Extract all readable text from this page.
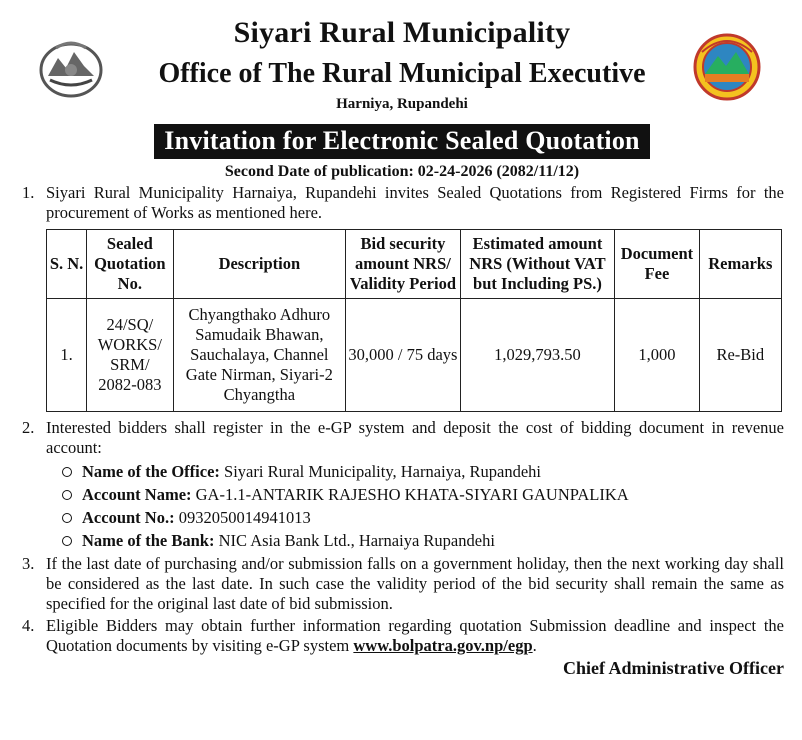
Siyari Rural Municipality
Office of The Rural Municipal Executive
Harniya, Rupandehi
Invitation for Electronic Sealed Quotation
Second Date of publication: 02-24-2026 (2082/11/12)
1. Siyari Rural Municipality Harnaiya, Rupandehi invites Sealed Quotations from Registered Firms for the procurement of Works as mentioned here.
S. N.	Sealed Quotation No.	Description	Bid security amount NRS/ Validity Period	Estimated amount NRS (Without VAT but Including PS.)	Document Fee	Remarks
1.	24/SQ/ WORKS/ SRM/ 2082-083	Chyangthako Adhuro Samudaik Bhawan, Sauchalaya, Channel Gate Nirman, Siyari-2 Chyangtha	30,000 / 75 days	1,029,793.50	1,000	Re-Bid
2. Interested bidders shall register in the e-GP system and deposit the cost of bidding document in revenue account:
Name of the Office: Siyari Rural Municipality, Harnaiya, Rupandehi
Account Name: GA-1.1-ANTARIK RAJESHO KHATA-SIYARI GAUNPALIKA
Account No.: 0932050014941013
Name of the Bank: NIC Asia Bank Ltd., Harnaiya Rupandehi
3. If the last date of purchasing and/or submission falls on a government holiday, then the next working day shall be considered as the last date. In such case the validity period of the bid security shall remain the same as specified for the original last date of bid submission.
4. Eligible Bidders may obtain further information regarding quotation Submission deadline and inspect the Quotation documents by visiting e-GP system www.bolpatra.gov.np/egp.
Chief Administrative Officer
